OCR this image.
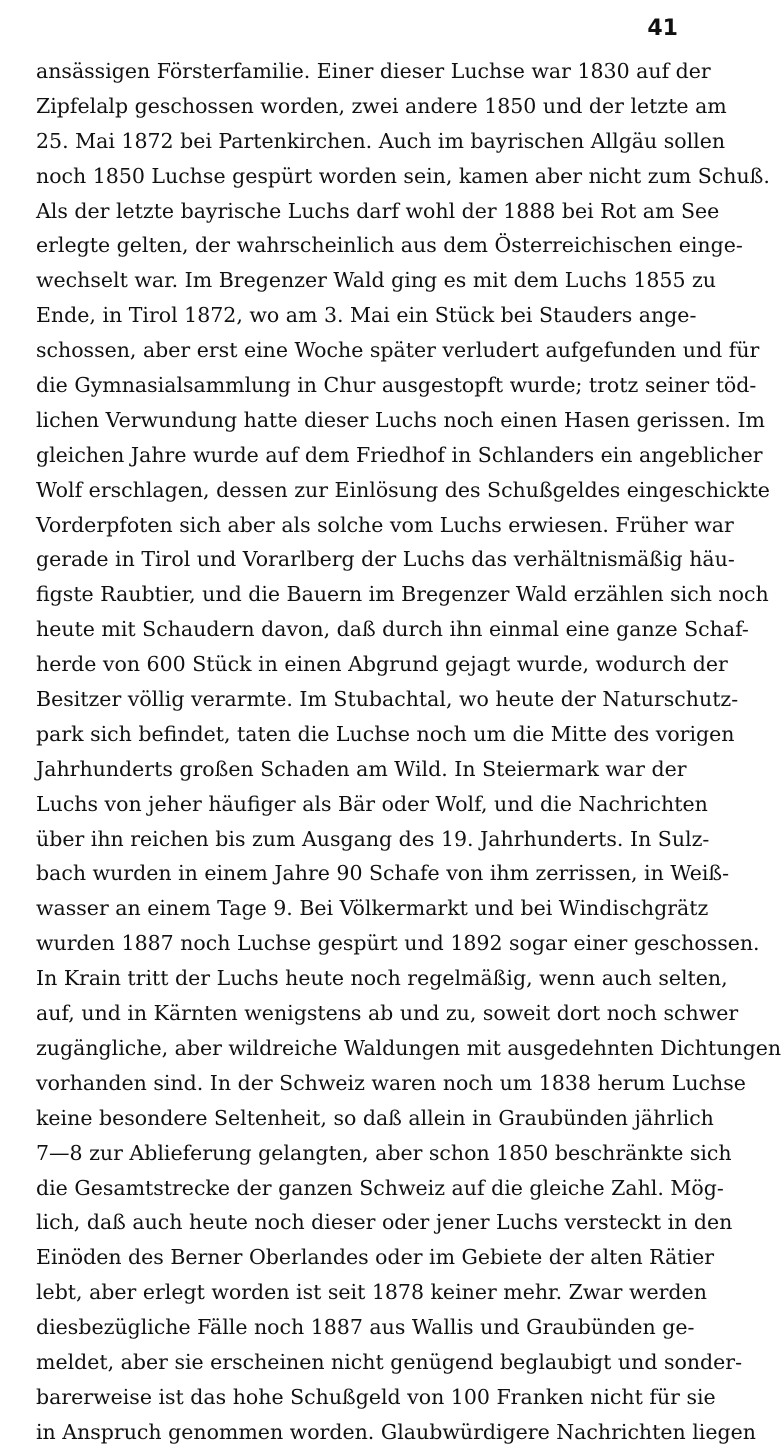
41
ansässigen Försterfamilie. Einer dieser Luchse war 1830 auf der
Zipfelalp geschossen worden, zwei andere 1850 und der letzte am
25. Mai 1872 bei Partenkirchen. Auch im bayrischen Allgäu sollen
noch 1850 Luchse gespürt worden sein, kamen aber nicht zum Schuß.
Als der letzte bayrische Luchs darf wohl der 1888 bei Rot am See
erlegte gelten, der wahrscheinlich aus dem Österreichischen einge-
wechselt war. Im Bregenzer Wald ging es mit dem Luchs 1855 zu
Ende, in Tirol 1872, wo am 3. Mai ein Stück bei Stauders ange-
schossen, aber erst eine Woche später verludert aufgefunden und für
die Gymnasialsammlung in Chur ausgestopft wurde; trotz seiner töd-
lichen Verwundung hatte dieser Luchs noch einen Hasen gerissen. Im
gleichen Jahre wurde auf dem Friedhof in Schlanders ein angeblicher
Wolf erschlagen, dessen zur Einlösung des Schußgeldes eingeschickte
Vorderpfoten sich aber als solche vom Luchs erwiesen. Früher war
gerade in Tirol und Vorarlberg der Luchs das verhältnismäßig häu-
figste Raubtier, und die Bauern im Bregenzer Wald erzählen sich noch
heute mit Schaudern davon, daß durch ihn einmal eine ganze Schaf-
herde von 600 Stück in einen Abgrund gejagt wurde, wodurch der
Besitzer völlig verarmte. Im Stubachtal, wo heute der Naturschutz-
park sich befindet, taten die Luchse noch um die Mitte des vorigen
Jahrhunderts großen Schaden am Wild. In Steiermark war der
Luchs von jeher häufiger als Bär oder Wolf, und die Nachrichten
über ihn reichen bis zum Ausgang des 19. Jahrhunderts. In Sulz-
bach wurden in einem Jahre 90 Schafe von ihm zerrissen, in Weiß-
wasser an einem Tage 9. Bei Völkermarkt und bei Windischgrätz
wurden 1887 noch Luchse gespürt und 1892 sogar einer geschossen.
In Krain tritt der Luchs heute noch regelmäßig, wenn auch selten,
auf, und in Kärnten wenigstens ab und zu, soweit dort noch schwer
zugängliche, aber wildreiche Waldungen mit ausgedehnten Dichtungen
vorhanden sind. In der Schweiz waren noch um 1838 herum Luchse
keine besondere Seltenheit, so daß allein in Graubünden jährlich
7—8 zur Ablieferung gelangten, aber schon 1850 beschränkte sich
die Gesamtstrecke der ganzen Schweiz auf die gleiche Zahl. Mög-
lich, daß auch heute noch dieser oder jener Luchs versteckt in den
Einöden des Berner Oberlandes oder im Gebiete der alten Rätier
lebt, aber erlegt worden ist seit 1878 keiner mehr. Zwar werden
diesbezügliche Fälle noch 1887 aus Wallis und Graubünden ge-
meldet, aber sie erscheinen nicht genügend beglaubigt und sonder-
barerweise ist das hohe Schußgeld von 100 Franken nicht für sie
in Anspruch genommen worden. Glaubwürdigere Nachrichten liegen
